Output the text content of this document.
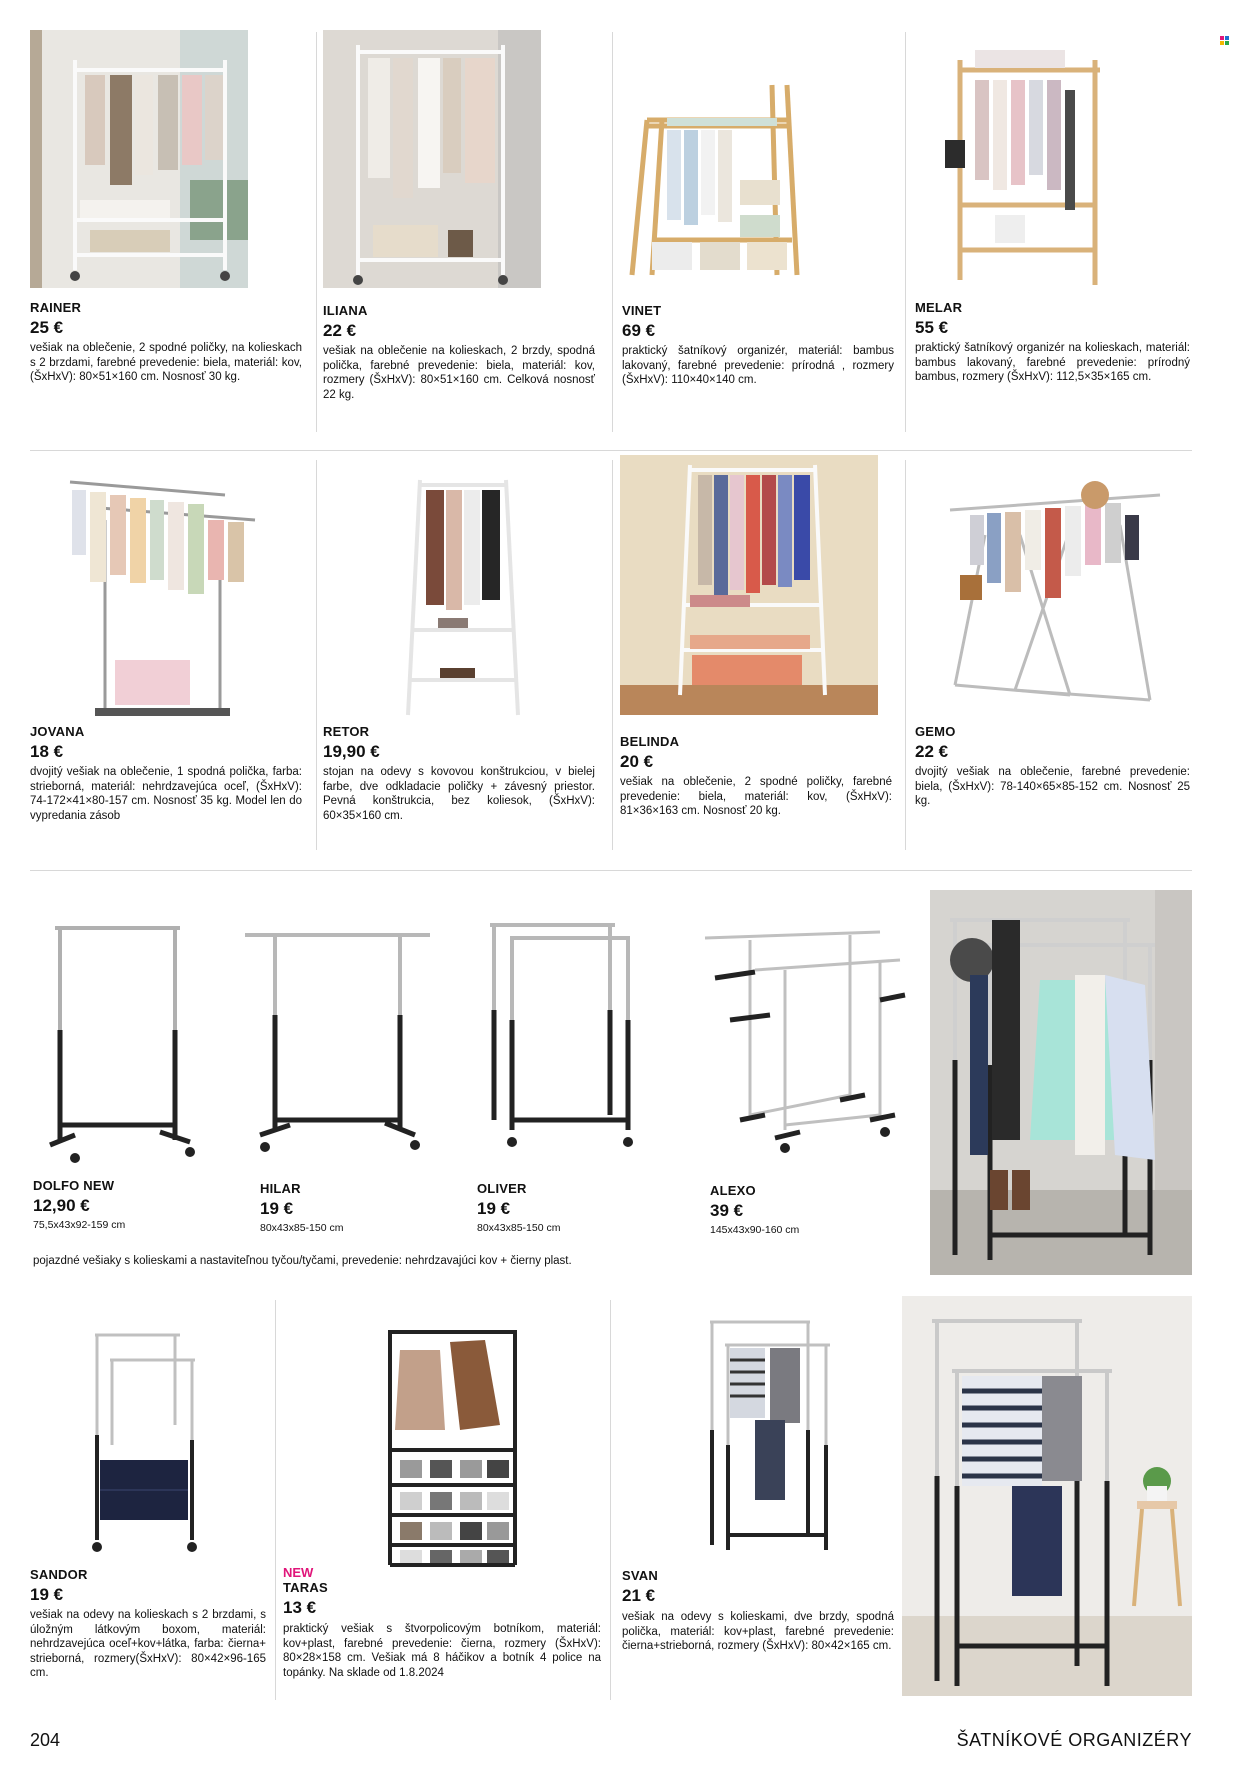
RAINER
25 €
vešiak na oblečenie, 2 spodné poličky, na kolieskach s 2 brzdami, farebné prevedenie: biela, materiál: kov, (ŠxHxV): 80×51×160 cm. Nosnosť 30 kg.
ILIANA
22 €
vešiak na oblečenie na kolieskach, 2 brzdy, spodná polička, farebné prevedenie: biela, materiál: kov, rozmery (ŠxHxV): 80×51×160 cm. Celková nosnosť 22 kg.
VINET
69 €
praktický šatníkový organizér, materiál: bambus lakovaný, farebné prevedenie: prírodná , rozmery (ŠxHxV): 110×40×140 cm.
MELAR
55 €
praktický šatníkový organizér na kolieskach, materiál: bambus lakovaný, farebné prevedenie: prírodný bambus, rozmery (ŠxHxV): 112,5×35×165 cm.
JOVANA
18 €
dvojitý vešiak na oblečenie, 1 spodná polička, farba: strieborná, materiál: nehrdzavejúca oceľ, (ŠxHxV): 74-172×41×80-157 cm. Nosnosť 35 kg. Model len do vypredania zásob
RETOR
19,90 €
stojan na odevy s kovovou konštrukciou, v bielej farbe, dve odkladacie poličky + závesný priestor. Pevná konštrukcia, bez koliesok, (ŠxHxV): 60×35×160 cm.
BELINDA
20 €
vešiak na oblečenie, 2 spodné poličky, farebné prevedenie: biela, materiál: kov, (ŠxHxV): 81×36×163 cm. Nosnosť 20 kg.
GEMO
22 €
dvojitý vešiak na oblečenie, farebné prevedenie: biela, (ŠxHxV): 78-140×65×85-152 cm. Nosnosť 25 kg.
DOLFO NEW
12,90 €
75,5x43x92-159 cm
HILAR
19 €
80x43x85-150 cm
OLIVER
19 €
80x43x85-150 cm
ALEXO
39 €
145x43x90-160 cm
pojazdné vešiaky s kolieskami a nastaviteľnou tyčou/tyčami, prevedenie: nehrdzavajúci kov + čierny plast.
SANDOR
19 €
vešiak na odevy na kolieskach s 2 brzdami, s úložným látkovým boxom, materiál: nehrdzavejúca oceľ+kov+látka, farba: čierna+ strieborná, rozmery(ŠxHxV): 80×42×96-165 cm.
NEW
TARAS
13 €
praktický vešiak s štvorpolicovým botníkom, materiál: kov+plast, farebné prevedenie: čierna, rozmery (ŠxHxV): 80×28×158 cm. Vešiak má 8 háčikov a botník 4 police na topánky. Na sklade od 1.8.2024
SVAN
21 €
vešiak na odevy s kolieskami, dve brzdy, spodná polička, materiál: kov+plast, farebné prevedenie: čierna+strieborná, rozmery (ŠxHxV): 80×42×165 cm.
204	ŠATNÍKOVÉ ORGANIZÉRY
